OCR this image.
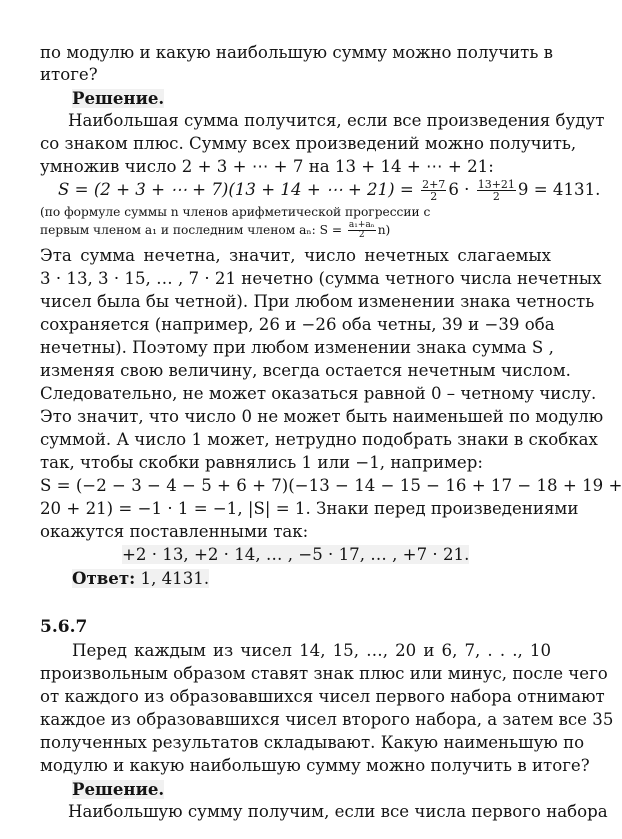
S = (2 + 3 + ⋯ + 7)(13 + 14 + ⋯ + $21) = \frac{2+7}{2} 6 \cdot \frac{13+21}{2} 9 = 4131$.
первым членом a₁ и последним членом aₙ: $S = \frac{\text{a₁+aₙ}}{2} n$)
по модулю и какую наибольшую сумму можно получить в
итоге?
Решение.
Наибольшая сумма получится, если все произведения будут
со знаком плюс. Сумму всех произведений можно получить,
умножив число 2 + 3 + ⋯ + 7 на 13 + 14 + ⋯ + 21:
(по формуле суммы n членов арифметической прогрессии с
Эта сумма нечетна, значит, число нечетных слагаемых
3 · 13, 3 · 15, … , 7 · 21 нечетно (сумма четного числа нечетных
чисел была бы четной). При любом изменении знака четность
сохраняется (например, 26 и −26 оба четны, 39 и −39 оба
нечетны). Поэтому при любом изменении знака сумма S ,
изменяя свою величину, всегда остается нечетным числом.
Следовательно, не может оказаться равной 0 – четному числу.
Это значит, что число 0 не может быть наименьшей по модулю
суммой. А число 1 может, нетрудно подобрать знаки в скобках
так, чтобы скобки равнялись 1 или −1, например:
S = (−2 − 3 − 4 − 5 + 6 + 7)(−13 − 14 − 15 − 16 + 17 − 18 + 19 +
20 + 21) = −1 · 1 = −1, |S| = 1. Знаки перед произведениями
окажутся поставленными так:
+2 · 13, +2 · 14, … , −5 · 17, … , +7 · 21.
Ответ: 1, 4131.
5.6.7
Перед каждым из чисел 14, 15, …, 20 и 6, 7, . . ., 10
произвольным образом ставят знак плюс или минус, после чего
от каждого из образовавшихся чисел первого набора отнимают
каждое из образовавшихся чисел второго набора, а затем все 35
полученных результатов складывают. Какую наименьшую по
модулю и какую наибольшую сумму можно получить в итоге?
Решение.
Наибольшую сумму получим, если все числа первого набора
